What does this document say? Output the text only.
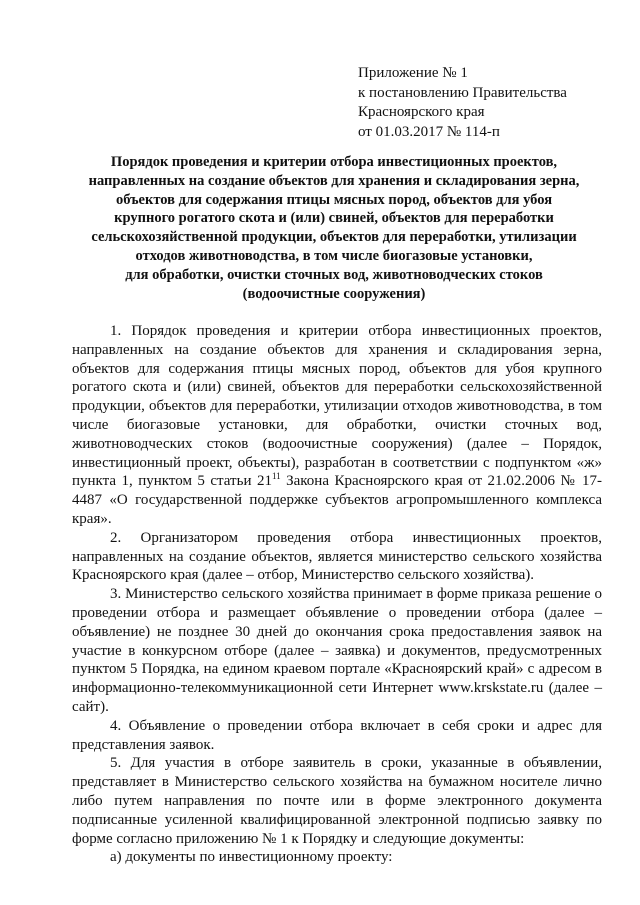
Приложение № 1
к постановлению Правительства
Красноярского края
от 01.03.2017 № 114-п
Порядок проведения и критерии отбора инвестиционных проектов,
направленных на создание объектов для хранения и складирования зерна,
объектов для содержания птицы мясных пород, объектов для убоя
крупного рогатого скота и (или) свиней, объектов для переработки
сельскохозяйственной продукции, объектов для переработки, утилизации
отходов животноводства, в том числе биогазовые установки,
для обработки, очистки сточных вод, животноводческих стоков
(водоочистные сооружения)

1. Порядок проведения и критерии отбора инвестиционных проектов, направленных на создание объектов для хранения и складирования зерна, объектов для содержания птицы мясных пород, объектов для убоя крупного рогатого скота и (или) свиней, объектов для переработки сельскохозяйственной продукции, объектов для переработки, утилизации отходов животноводства, в том числе биогазовые установки, для обработки, очистки сточных вод, животноводческих стоков (водоочистные сооружения) (далее – Порядок, инвестиционный проект, объекты), разработан в соответствии с подпунктом «ж» пункта 1, пунктом 5 статьи $21^{11}$ Закона Красноярского края от 21.02.2006 № 17-4487 «О государственной поддержке субъектов агропромышленного комплекса края».

2. Организатором проведения отбора инвестиционных проектов, направленных на создание объектов, является министерство сельского хозяйства Красноярского края (далее – отбор, Министерство сельского хозяйства).

3. Министерство сельского хозяйства принимает в форме приказа решение о проведении отбора и размещает объявление о проведении отбора (далее – объявление) не позднее 30 дней до окончания срока предоставления заявок на участие в конкурсном отборе (далее – заявка) и документов, предусмотренных пунктом 5 Порядка, на едином краевом портале «Красноярский край» с адресом в информационно-телекоммуникационной сети Интернет www.krskstate.ru (далее – сайт).

4. Объявление о проведении отбора включает в себя сроки и адрес для представления заявок.

5. Для участия в отборе заявитель в сроки, указанные в объявлении, представляет в Министерство сельского хозяйства на бумажном носителе лично либо путем направления по почте или в форме электронного документа подписанные усиленной квалифицированной электронной подписью заявку по форме согласно приложению № 1 к Порядку и следующие документы:

а) документы по инвестиционному проекту:
